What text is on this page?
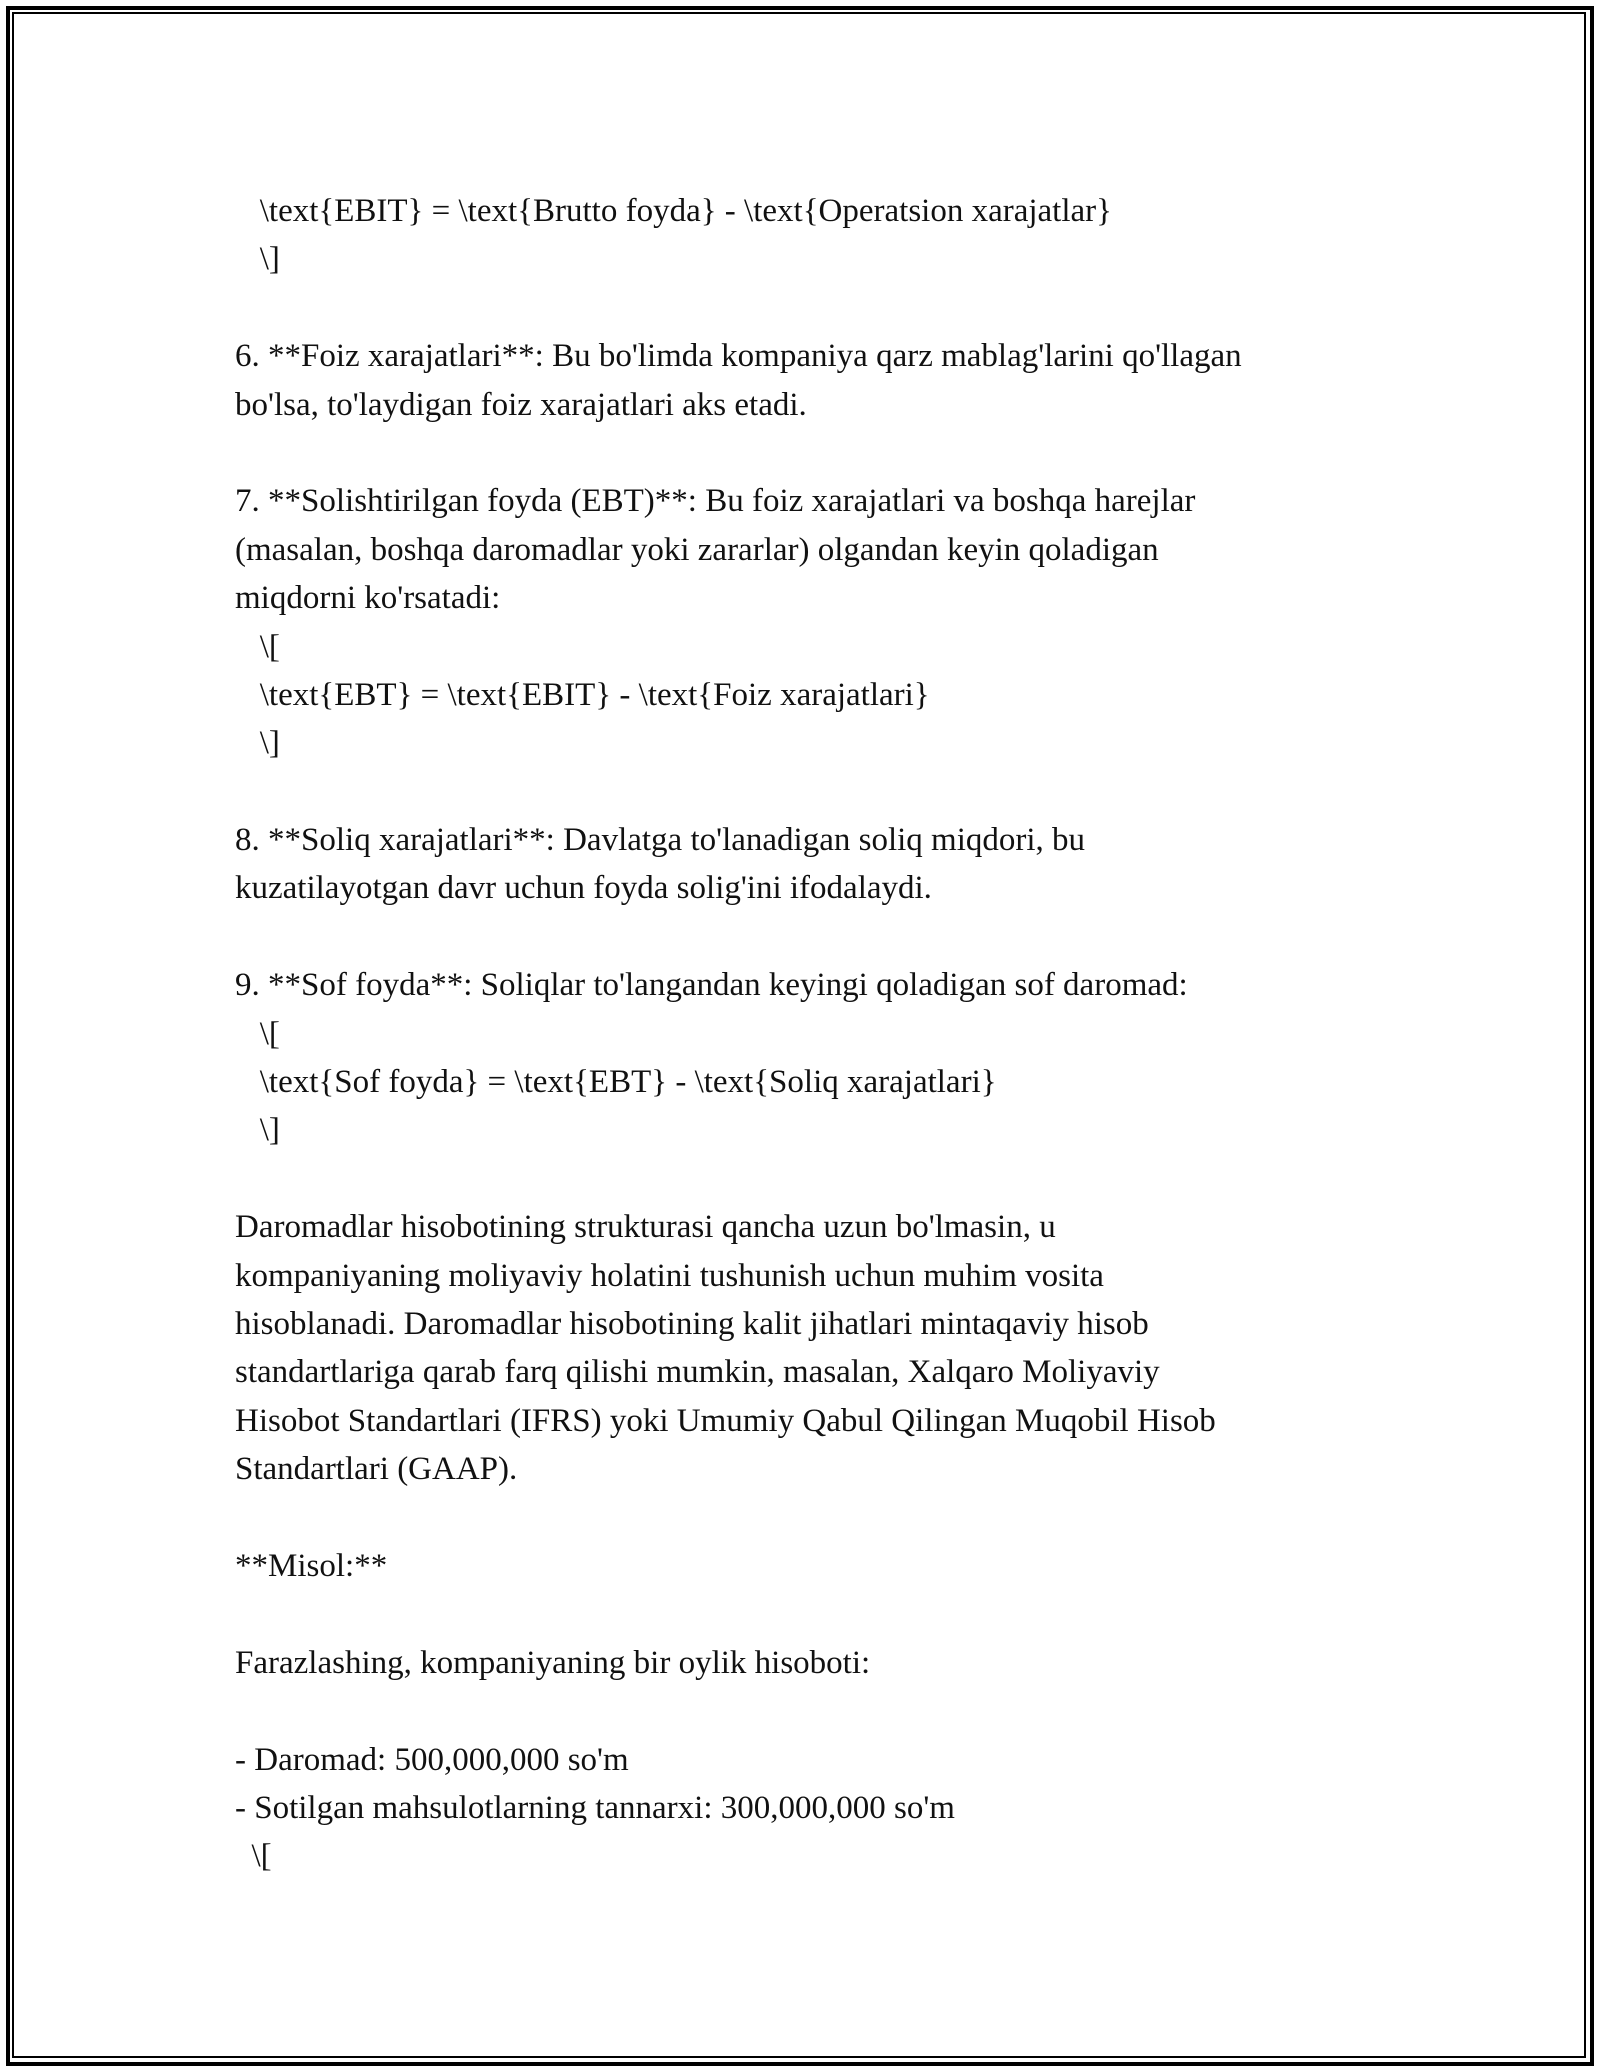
\text{EBIT} = \text{Brutto foyda} - \text{Operatsion xarajatlar}
\]
6. **Foiz xarajatlari**: Bu bo'limda kompaniya qarz mablag'larini qo'llagan
bo'lsa, to'laydigan foiz xarajatlari aks etadi.
7. **Solishtirilgan foyda (EBT)**: Bu foiz xarajatlari va boshqa harejlar
(masalan, boshqa daromadlar yoki zararlar) olgandan keyin qoladigan
miqdorni ko'rsatadi:
\[
\text{EBT} = \text{EBIT} - \text{Foiz xarajatlari}
\]
8. **Soliq xarajatlari**: Davlatga to'lanadigan soliq miqdori, bu
kuzatilayotgan davr uchun foyda solig'ini ifodalaydi.
9. **Sof foyda**: Soliqlar to'langandan keyingi qoladigan sof daromad:
\[
\text{Sof foyda} = \text{EBT} - \text{Soliq xarajatlari}
\]
Daromadlar hisobotining strukturasi qancha uzun bo'lmasin, u
kompaniyaning moliyaviy holatini tushunish uchun muhim vosita
hisoblanadi. Daromadlar hisobotining kalit jihatlari mintaqaviy hisob
standartlariga qarab farq qilishi mumkin, masalan, Xalqaro Moliyaviy
Hisobot Standartlari (IFRS) yoki Umumiy Qabul Qilingan Muqobil Hisob
Standartlari (GAAP).
**Misol:**
Farazlashing, kompaniyaning bir oylik hisoboti:
- Daromad: 500,000,000 so'm
- Sotilgan mahsulotlarning tannarxi: 300,000,000 so'm
\[
